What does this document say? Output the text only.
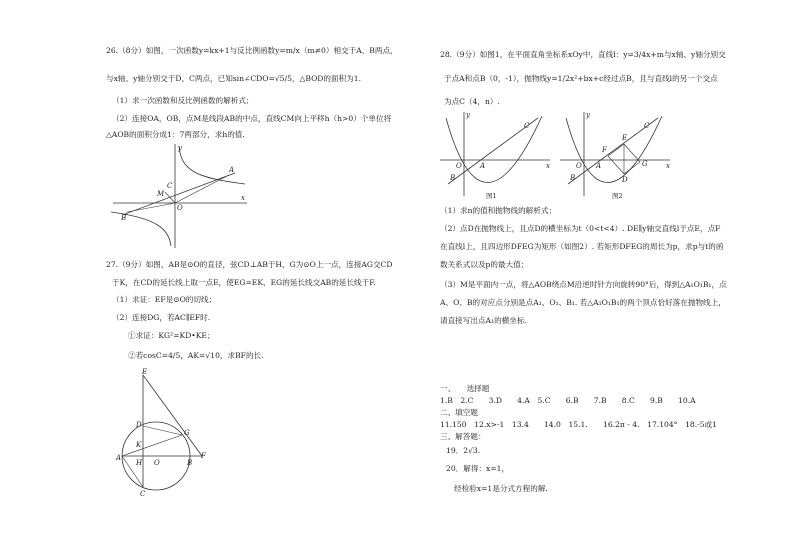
26.（8分）如图，一次函数y=kx+1与反比例函数y=m/x（m≠0）相交于A、B两点，
与x轴、y轴分别交于D、C两点，已知sin∠CDO=√5/5，△BOD的面积为1.
（1）求一次函数和反比例函数的解析式；
（2）连接OA，OB，点M是线段AB的中点，直线CM向上平移h（h>0）个单位将
△AOB的面积分成1：7两部分，求h的值.
x
y
A
B
C
M
O
27.（9分）如图，AB是⊙O的直径，弦CD⊥AB于H，G为⊙O上一点，连接AG交CD
于K，在CD的延长线上取一点E，使EG=EK，EG的延长线交AB的延长线于F.
（1）求证：EF是⊙O的切线；
（2）连接DG，若AC∥EF时.
①求证：KG²=KD•KE；
②若cosC=4/5，AK=√10，求BF的长.
E
D
K
A
H O	B
F
G
C
28.（9分）如图1，在平面直角坐标系xOy中，直线l：y=3/4x+m与x轴、y轴分别交
于点A和点B（0，-1），抛物线y=1/2x²+bx+c经过点B，且与直线l的另一个交点
为点C（4，n）.
x
y
C
O	A
B
图1
x
y
C
E
F
O A
B	D
G
图2
（1）求n的值和抛物线的解析式；
（2）点D在抛物线上，且点D的横坐标为t（0<t<4）. DE∥y轴交直线l于点E，点F
在直线l上，且四边形DFEG为矩形（如图2）. 若矩形DFEG的周长为p，求p与t的函
数关系式以及p的最大值；
（3）M是平面内一点，将△AOB绕点M沿逆时针方向旋转90°后，得到△A₁O₁B₁，点
A、O、B的对应点分别是点A₁、O₁、B₁. 若△A₁O₁B₁的两个顶点恰好落在抛物线上，
请直接写出点A₁的横坐标.
一、　　选择题
1.B　2.C　　3.D　　4.A　5.C　　6.B　　7.B　　8.C　　9.B　　10.A
二、填空题
11.150　12.x>-1　13.4　　14.0　15.1.　　16.2π - 4.　17.104°　18.-5或1
三、解答题：
19．2√3.
20．解得：x=1，
经检验x=1是分式方程的解.
